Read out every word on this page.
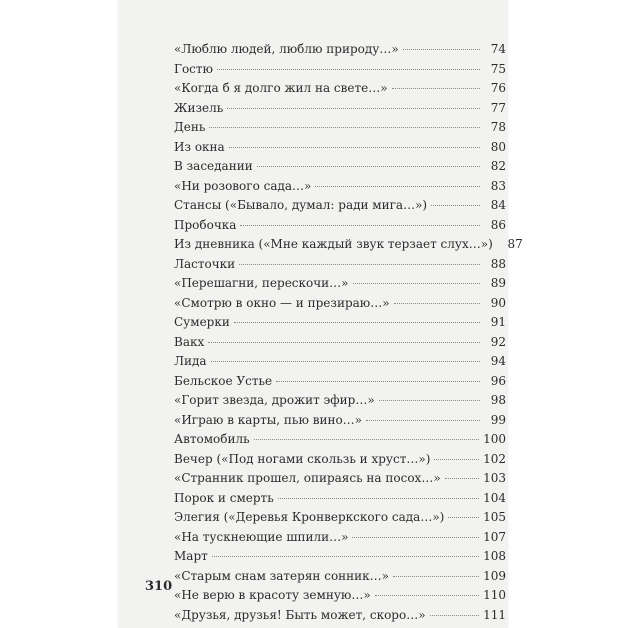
«Люблю людей, люблю природу…»	74
Гостю	75
«Когда б я долго жил на свете…»	76
Жизель	77
День	78
Из окна	80
В заседании	82
«Ни розового сада…»	83
Стансы («Бывало, думал: ради мига…»)	84
Пробочка	86
Из дневника («Мне каждый звук терзает слух…»)	87
Ласточки	88
«Перешагни, перескочи…»	89
«Смотрю в окно — и презираю…»	90
Сумерки	91
Вакх	92
Лида	94
Бельское Устье	96
«Горит звезда, дрожит эфир…»	98
«Играю в карты, пью вино…»	99
Автомобиль	100
Вечер («Под ногами скользь и хруст…»)	102
«Странник прошел, опираясь на посох…»	103
Порок и смерть	104
Элегия («Деревья Кронверкского сада…»)	105
«На тускнеющие шпили…»	107
Март	108
«Старым снам затерян сонник…»	109
«Не верю в красоту земную…»	110
«Друзья, друзья! Быть может, скоро…»	111
310
